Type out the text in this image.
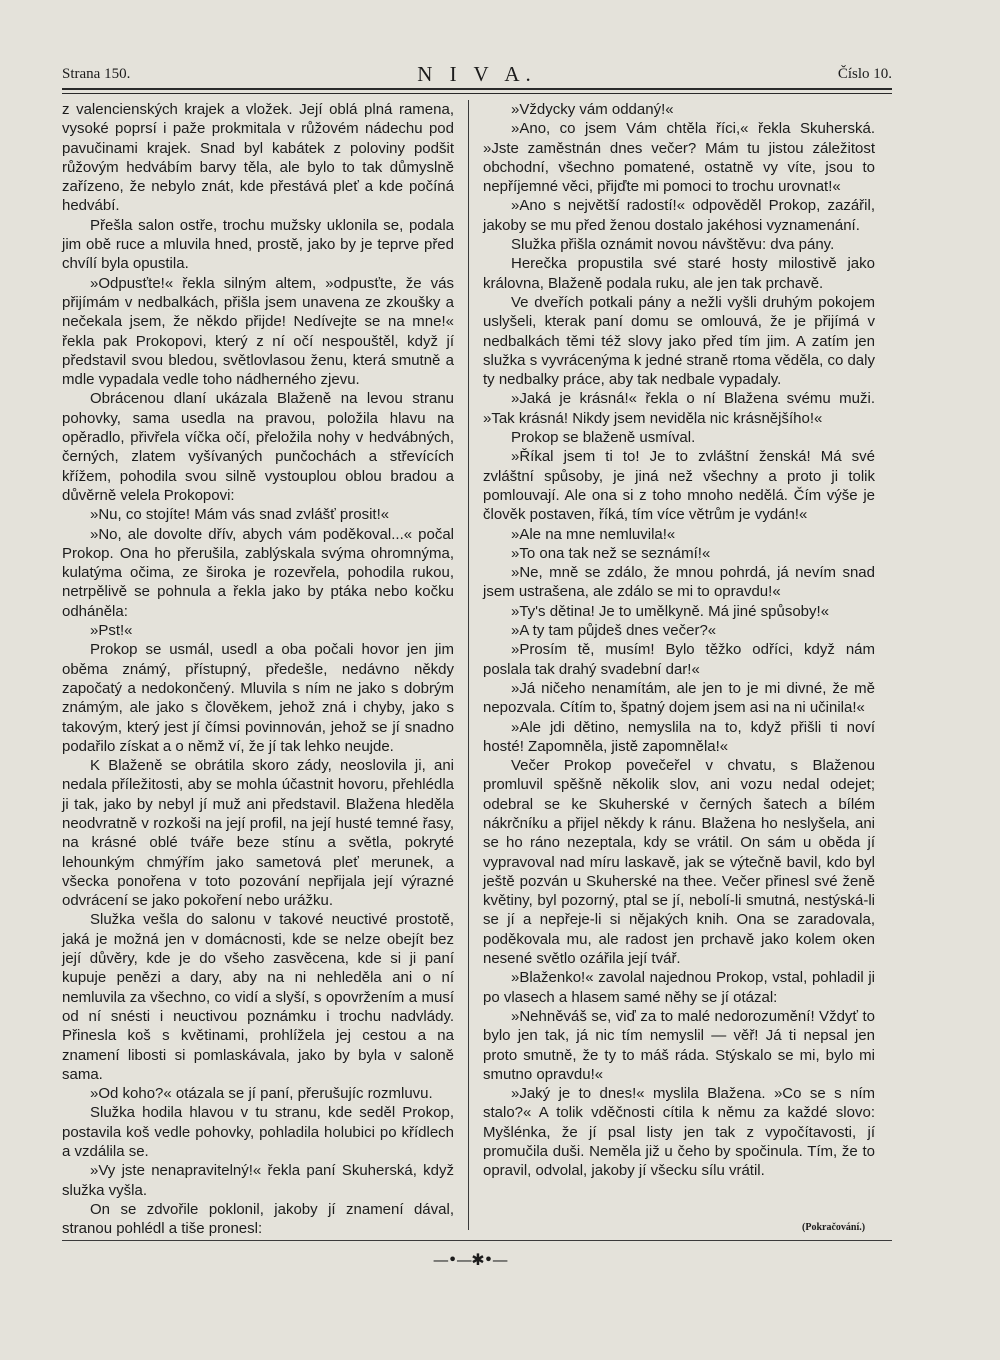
Strana 150.	N I V A.	Číslo 10.

z valencienských krajek a vložek. Její oblá plná ramena, vysoké poprsí i paže prokmitala v růžovém nádechu pod pavučinami krajek. Snad byl kabátek z poloviny podšit růžovým hedvábím barvy těla, ale bylo to tak důmyslně zařízeno, že nebylo znát, kde přestává pleť a kde počíná hedvábí.

Přešla salon ostře, trochu mužsky uklonila se, podala jim obě ruce a mluvila hned, prostě, jako by je teprve před chvílí byla opustila.

»Odpusťte!« řekla silným altem, »odpusťte, že vás přijímám v nedbalkách, přišla jsem unavena ze zkoušky a nečekala jsem, že někdo přijde! Nedívejte se na mne!« řekla pak Prokopovi, který z ní očí nespouštěl, když jí představil svou bledou, světlovlasou ženu, která smutně a mdle vypadala vedle toho nádherného zjevu.

Obrácenou dlaní ukázala Blaženě na levou stranu pohovky, sama usedla na pravou, položila hlavu na opěradlo, přivřela víčka očí, přeložila nohy v hedvábných, černých, zlatem vyšívaných punčochách a střevících křížem, pohodila svou silně vystouplou oblou bradou a důvěrně velela Prokopovi:

»Nu, co stojíte! Mám vás snad zvlášť prosit!«

»No, ale dovolte dřív, abych vám poděkoval...« počal Prokop. Ona ho přerušila, zablýskala svýma ohromnýma, kulatýma očima, ze široka je rozevřela, pohodila rukou, netrpělivě se pohnula a řekla jako by ptáka nebo kočku odháněla:

»Pst!«

Prokop se usmál, usedl a oba počali hovor jen jim oběma známý, přístupný, předešle, nedávno někdy započatý a nedokončený. Mluvila s ním ne jako s dobrým známým, ale jako s člověkem, jehož zná i chyby, jako s takovým, který jest jí čímsi povinnován, jehož se jí snadno podařilo získat a o němž ví, že jí tak lehko neujde.

K Blaženě se obrátila skoro zády, neoslovila ji, ani nedala příležitosti, aby se mohla účastnit hovoru, přehlédla ji tak, jako by nebyl jí muž ani představil. Blažena hleděla neodvratně v rozkoši na její profil, na její husté temné řasy, na krásné oblé tváře beze stínu a světla, pokryté lehounkým chmýřím jako sametová pleť merunek, a všecka ponořena v toto pozování nepřijala její výrazné odvrácení se jako pokoření nebo urážku.

Služka vešla do salonu v takové neuctivé prostotě, jaká je možná jen v domácnosti, kde se nelze obejít bez její důvěry, kde je do všeho zasvěcena, kde si ji paní kupuje penězi a dary, aby na ni nehleděla ani o ní nemluvila za všechno, co vidí a slyší, s opovržením a musí od ní snésti i neuctivou poznámku i trochu nadvlády. Přinesla koš s květinami, prohlížela jej cestou a na znamení libosti si pomlaskávala, jako by byla v saloně sama.

»Od koho?« otázala se jí paní, přerušujíc rozmluvu.

Služka hodila hlavou v tu stranu, kde seděl Prokop, postavila koš vedle pohovky, pohladila holubici po křídlech a vzdálila se.

»Vy jste nenapravitelný!« řekla paní Skuherská, když služka vyšla.

On se zdvořile poklonil, jakoby jí znamení dával, stranou pohlédl a tiše pronesl:

»Vždycky vám oddaný!«

»Ano, co jsem Vám chtěla říci,« řekla Skuherská. »Jste zaměstnán dnes večer? Mám tu jistou záležitost obchodní, všechno pomatené, ostatně vy víte, jsou to nepříjemné věci, přijďte mi pomoci to trochu urovnat!«

»Ano s největší radostí!« odpověděl Prokop, zazářil, jakoby se mu před ženou dostalo jakéhosi vyznamenání.

Služka přišla oznámit novou návštěvu: dva pány.

Herečka propustila své staré hosty milostivě jako královna, Blaženě podala ruku, ale jen tak prchavě.

Ve dveřích potkali pány a nežli vyšli druhým pokojem uslyšeli, kterak paní domu se omlouvá, že je přijímá v nedbalkách těmi též slovy jako před tím jim. A zatím jen služka s vyvrácenýma k jedné straně rtoma věděla, co daly ty nedbalky práce, aby tak nedbale vypadaly.

»Jaká je krásná!« řekla o ní Blažena svému muži. »Tak krásná! Nikdy jsem neviděla nic krásnějšího!«

Prokop se blaženě usmíval.

»Říkal jsem ti to! Je to zvláštní ženská! Má své zvláštní spůsoby, je jiná než všechny a proto ji tolik pomlouvají. Ale ona si z toho mnoho nedělá. Čím výše je člověk postaven, říká, tím více větrům je vydán!«

»Ale na mne nemluvila!«

»To ona tak než se seznámí!«

»Ne, mně se zdálo, že mnou pohrdá, já nevím snad jsem ustrašena, ale zdálo se mi to opravdu!«

»Ty's dětina! Je to umělkyně. Má jiné spůsoby!«

»A ty tam půjdeš dnes večer?«

»Prosím tě, musím! Bylo těžko odříci, když nám poslala tak drahý svadební dar!«

»Já ničeho nenamítám, ale jen to je mi divné, že mě nepozvala. Cítím to, špatný dojem jsem asi na ni učinila!«

»Ale jdi dětino, nemyslila na to, když přišli ti noví hosté! Zapomněla, jistě zapomněla!«

Večer Prokop povečeřel v chvatu, s Blaženou promluvil spěšně několik slov, ani vozu nedal odejet; odebral se ke Skuherské v černých šatech a bílém nákrčníku a přijel někdy k ránu. Blažena ho neslyšela, ani se ho ráno nezeptala, kdy se vrátil. On sám u oběda jí vypravoval nad míru laskavě, jak se výtečně bavil, kdo byl ještě pozván u Skuherské na thee. Večer přinesl své ženě květiny, byl pozorný, ptal se jí, nebolí-li smutná, nestýská-li se jí a nepřeje-li si nějakých knih. Ona se zaradovala, poděkovala mu, ale radost jen prchavě jako kolem oken nesené světlo ozářila její tvář.

»Blaženko!« zavolal najednou Prokop, vstal, pohladil ji po vlasech a hlasem samé něhy se jí otázal:

»Nehněváš se, viď za to malé nedorozumění! Vždyť to bylo jen tak, já nic tím nemyslil — věř! Já ti nepsal jen proto smutně, že ty to máš ráda. Stýskalo se mi, bylo mi smutno opravdu!«

»Jaký je to dnes!« myslila Blažena. »Co se s ním stalo?« A tolik vděčnosti cítila k němu za každé slovo: Myšlénka, že jí psal listy jen tak z vypočítavosti, jí promučila duši. Neměla již u čeho by spočinula. Tím, že to opravil, odvolal, jakoby jí všecku sílu vrátil.

(Pokračování.)
—•—✱•—
